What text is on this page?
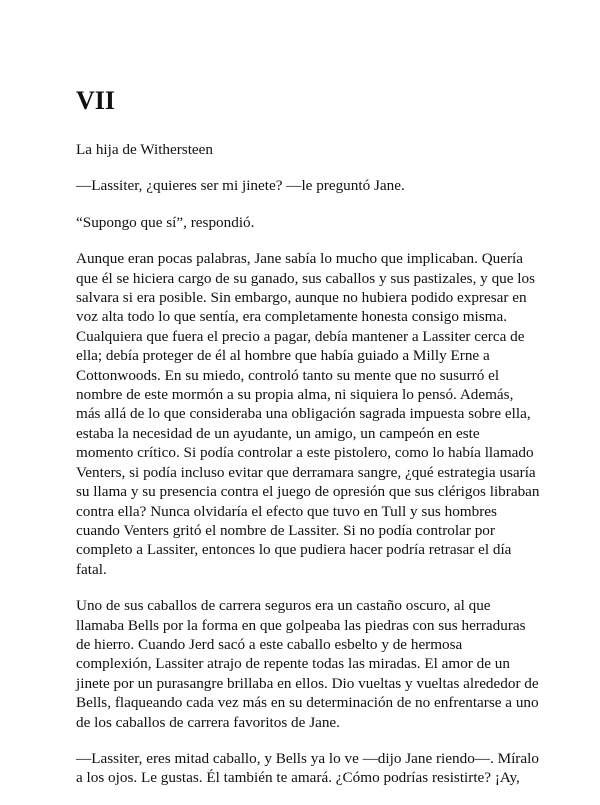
VII

La hija de Withersteen

—Lassiter, ¿quieres ser mi jinete? —le preguntó Jane.

“Supongo que sí”, respondió.

Aunque eran pocas palabras, Jane sabía lo mucho que implicaban. Quería
que él se hiciera cargo de su ganado, sus caballos y sus pastizales, y que los
salvara si era posible. Sin embargo, aunque no hubiera podido expresar en
voz alta todo lo que sentía, era completamente honesta consigo misma.
Cualquiera que fuera el precio a pagar, debía mantener a Lassiter cerca de
ella; debía proteger de él al hombre que había guiado a Milly Erne a
Cottonwoods. En su miedo, controló tanto su mente que no susurró el
nombre de este mormón a su propia alma, ni siquiera lo pensó. Además,
más allá de lo que consideraba una obligación sagrada impuesta sobre ella,
estaba la necesidad de un ayudante, un amigo, un campeón en este
momento crítico. Si podía controlar a este pistolero, como lo había llamado
Venters, si podía incluso evitar que derramara sangre, ¿qué estrategia usaría
su llama y su presencia contra el juego de opresión que sus clérigos libraban
contra ella? Nunca olvidaría el efecto que tuvo en Tull y sus hombres
cuando Venters gritó el nombre de Lassiter. Si no podía controlar por
completo a Lassiter, entonces lo que pudiera hacer podría retrasar el día
fatal.

Uno de sus caballos de carrera seguros era un castaño oscuro, al que
llamaba Bells por la forma en que golpeaba las piedras con sus herraduras
de hierro. Cuando Jerd sacó a este caballo esbelto y de hermosa
complexión, Lassiter atrajo de repente todas las miradas. El amor de un
jinete por un purasangre brillaba en ellos. Dio vueltas y vueltas alrededor de
Bells, flaqueando cada vez más en su determinación de no enfrentarse a uno
de los caballos de carrera favoritos de Jane.

—Lassiter, eres mitad caballo, y Bells ya lo ve —dijo Jane riendo—. Míralo
a los ojos. Le gustas. Él también te amará. ¿Cómo podrías resistirte? ¡Ay,
